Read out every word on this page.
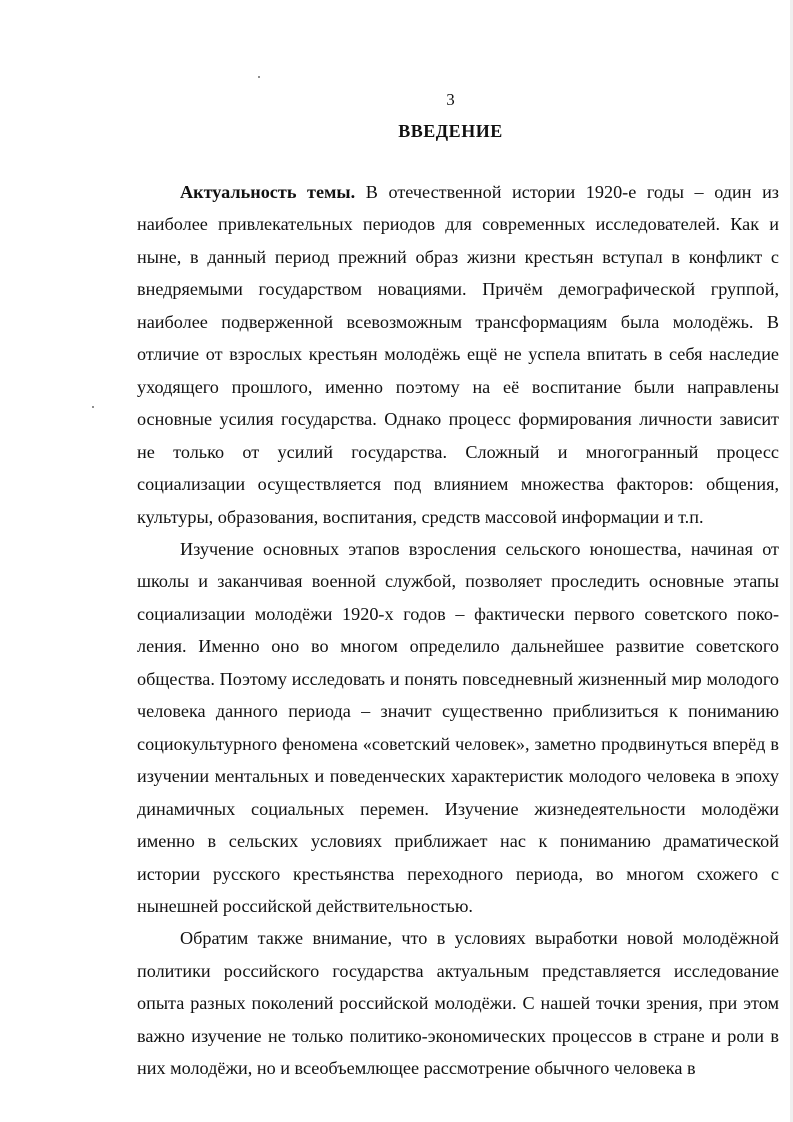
3
ВВЕДЕНИЕ

Актуальность темы. В отечественной истории 1920-е годы – один из наиболее привлекательных периодов для современных исследователей. Как и ныне, в данный период прежний образ жизни крестьян вступал в конфликт с внедряемыми государством новациями. Причём демографической группой, наиболее подверженной всевозможным трансформациям была молодёжь. В отличие от взрослых крестьян молодёжь ещё не успела впитать в себя наследие уходящего прошлого, именно поэтому на её воспитание были направлены основные усилия государства. Однако процесс формирования личности зависит не только от усилий государства. Сложный и многогранный процесс социализации осуществляется под влиянием множества факторов: общения, культуры, образования, воспитания, средств массовой информации и т.п.

Изучение основных этапов взросления сельского юношества, начиная от школы и заканчивая военной службой, позволяет проследить основные этапы социализации молодёжи 1920-х годов – фактически первого советского поколения. Именно оно во многом определило дальнейшее развитие советского общества. Поэтому исследовать и понять повседневный жизненный мир молодого человека данного периода – значит существенно приблизиться к пониманию социокультурного феномена «советский человек», заметно продвинуться вперёд в изучении ментальных и поведенческих характеристик молодого человека в эпоху динамичных социальных перемен. Изучение жизнедеятельности молодёжи именно в сельских условиях приближает нас к пониманию драматической истории русского крестьянства переходного периода, во многом схожего с нынешней российской действительностью.

Обратим также внимание, что в условиях выработки новой молодёжной политики российского государства актуальным представляется исследование опыта разных поколений российской молодёжи. С нашей точки зрения, при этом важно изучение не только политико-экономических процессов в стране и роли в них молодёжи, но и всеобъемлющее рассмотрение обычного человека в
